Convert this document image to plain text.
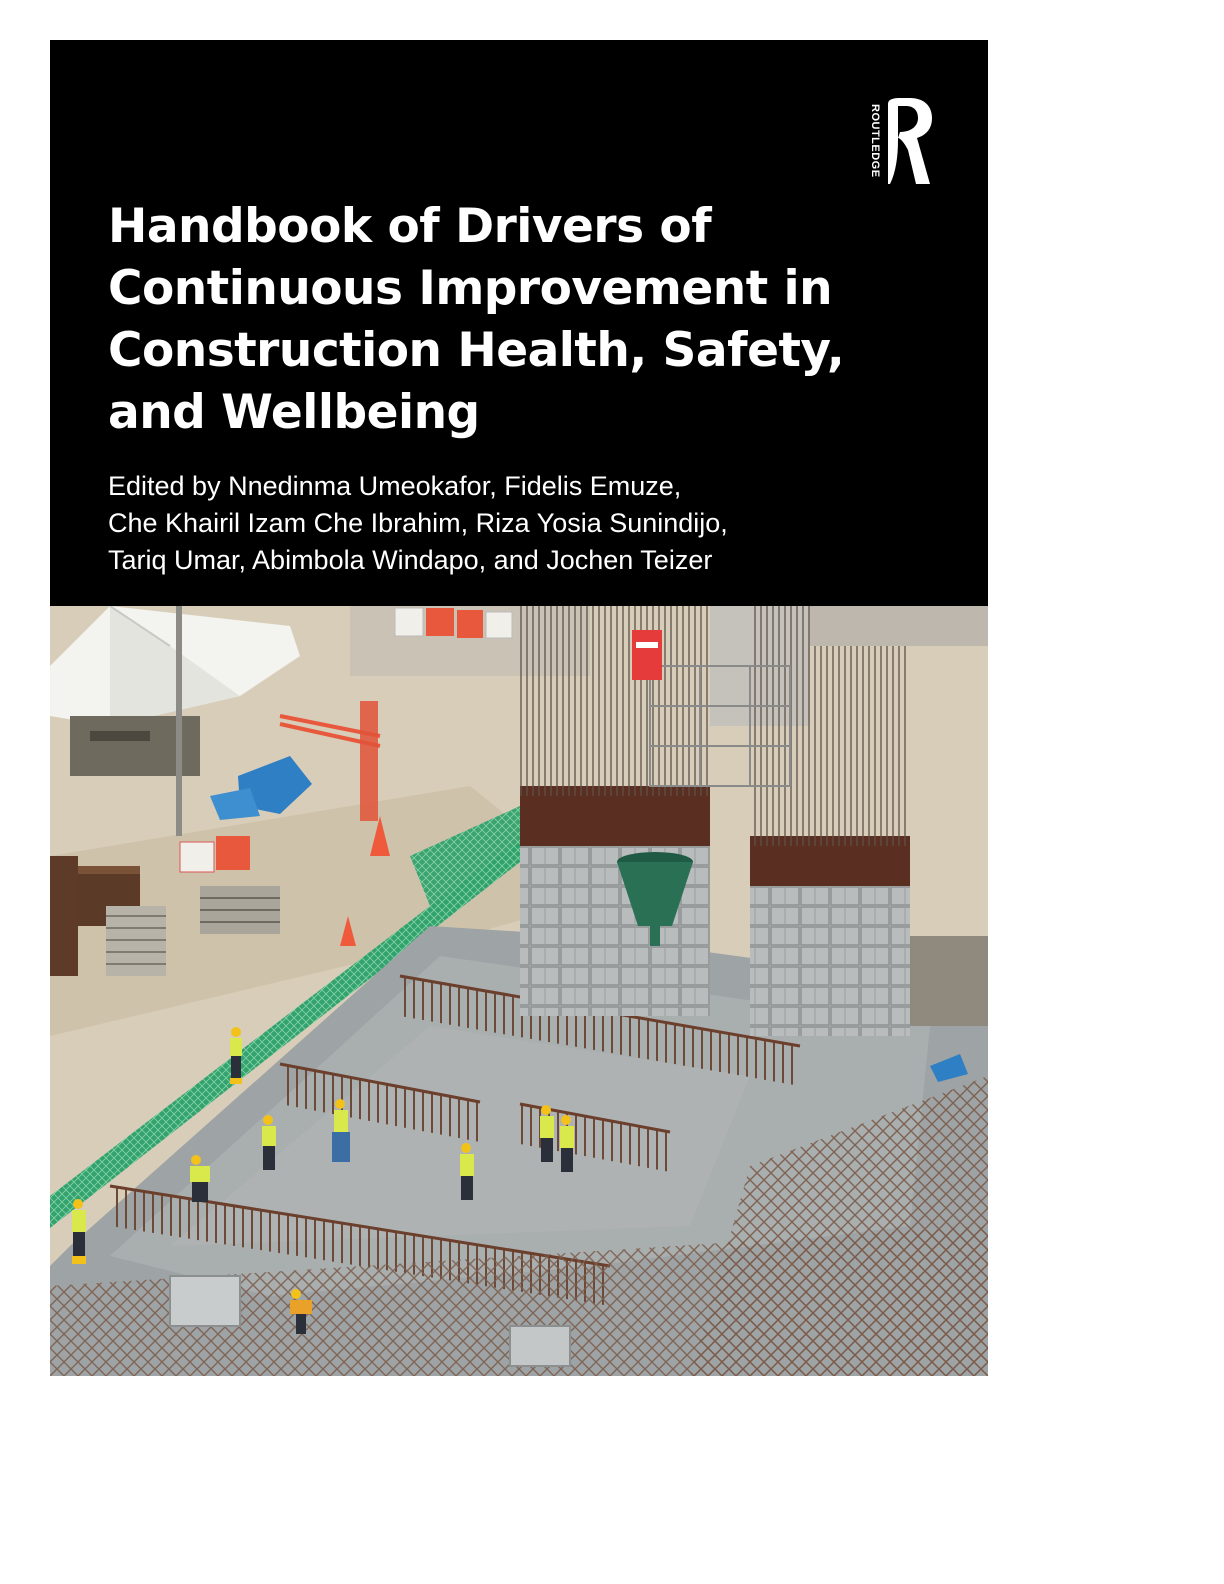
ROUTLEDGE
Handbook of Drivers of
Continuous Improvement in
Construction Health, Safety,
and Wellbeing

Edited by Nnedinma Umeokafor, Fidelis Emuze,
Che Khairil Izam Che Ibrahim, Riza Yosia Sunindijo,
Tariq Umar, Abimbola Windapo, and Jochen Teizer
